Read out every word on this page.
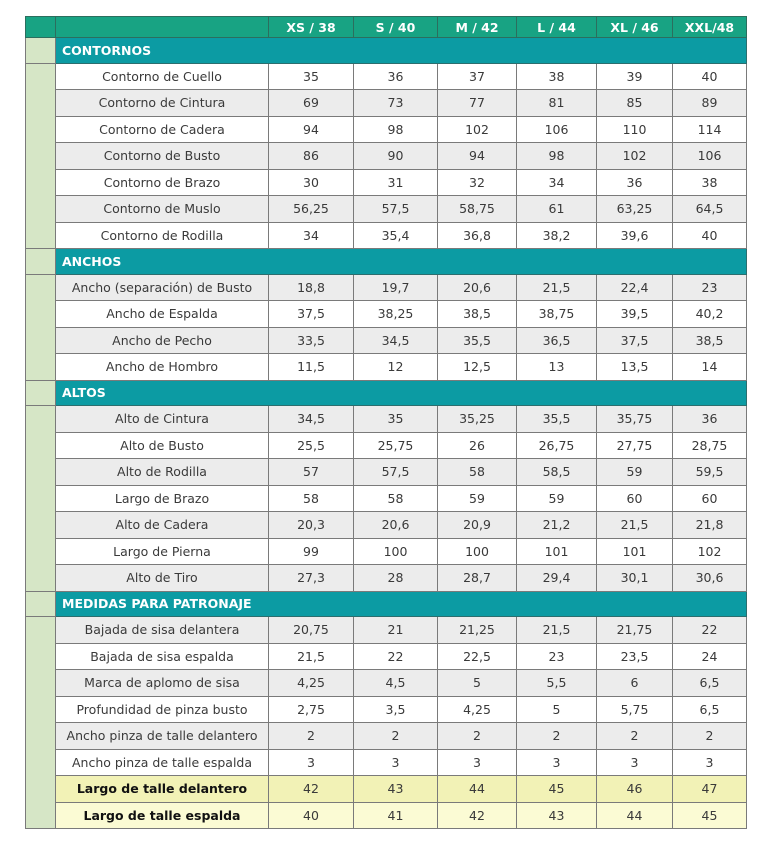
		XS / 38	S / 40	M / 42	L / 44	XL / 46	XXL/48
	CONTORNOS						
	Contorno de Cuello	35	36	37	38	39	40
	Contorno de Cintura	69	73	77	81	85	89
	Contorno de Cadera	94	98	102	106	110	114
	Contorno de Busto	86	90	94	98	102	106
	Contorno de Brazo	30	31	32	34	36	38
	Contorno de Muslo	56,25	57,5	58,75	61	63,25	64,5
	Contorno de Rodilla	34	35,4	36,8	38,2	39,6	40
	ANCHOS						
	Ancho (separación) de Busto	18,8	19,7	20,6	21,5	22,4	23
	Ancho de Espalda	37,5	38,25	38,5	38,75	39,5	40,2
	Ancho de Pecho	33,5	34,5	35,5	36,5	37,5	38,5
	Ancho de Hombro	11,5	12	12,5	13	13,5	14
	ALTOS						
	Alto de Cintura	34,5	35	35,25	35,5	35,75	36
	Alto de Busto	25,5	25,75	26	26,75	27,75	28,75
	Alto de Rodilla	57	57,5	58	58,5	59	59,5
	Largo de Brazo	58	58	59	59	60	60
	Alto de Cadera	20,3	20,6	20,9	21,2	21,5	21,8
	Largo de Pierna	99	100	100	101	101	102
	Alto de Tiro	27,3	28	28,7	29,4	30,1	30,6
	MEDIDAS PARA PATRONAJE						
	Bajada de sisa delantera	20,75	21	21,25	21,5	21,75	22
	Bajada de sisa espalda	21,5	22	22,5	23	23,5	24
	Marca de aplomo de sisa	4,25	4,5	5	5,5	6	6,5
	Profundidad de pinza busto	2,75	3,5	4,25	5	5,75	6,5
	Ancho pinza de talle delantero	2	2	2	2	2	2
	Ancho pinza de talle espalda	3	3	3	3	3	3
	Largo de talle delantero	42	43	44	45	46	47
	Largo de talle espalda	40	41	42	43	44	45
